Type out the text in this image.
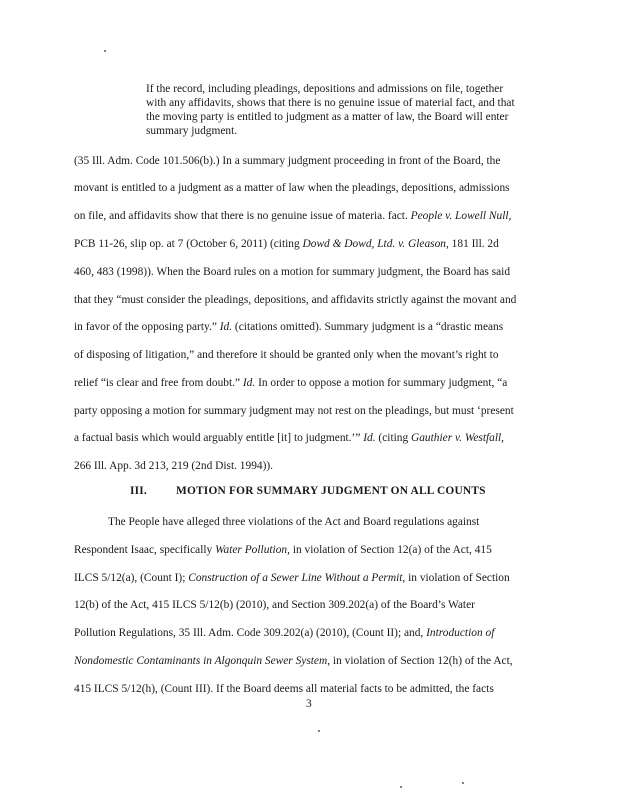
If the record, including pleadings, depositions and admissions on file, together
with any affidavits, shows that there is no genuine issue of material fact, and that
the moving party is entitled to judgment as a matter of law, the Board will enter
summary judgment.
(35 Ill. Adm. Code 101.506(b).) In a summary judgment proceeding in front of the Board, the
movant is entitled to a judgment as a matter of law when the pleadings, depositions, admissions
on file, and affidavits show that there is no genuine issue of materia. fact. People v. Lowell Null,
PCB 11-26, slip op. at 7 (October 6, 2011) (citing Dowd & Dowd, Ltd. v. Gleason, 181 Ill. 2d
460, 483 (1998)). When the Board rules on a motion for summary judgment, the Board has said
that they “must consider the pleadings, depositions, and affidavits strictly against the movant and
in favor of the opposing party.” Id. (citations omitted). Summary judgment is a “drastic means
of disposing of litigation,” and therefore it should be granted only when the movant’s right to
relief “is clear and free from doubt.” Id. In order to oppose a motion for summary judgment, “a
party opposing a motion for summary judgment may not rest on the pleadings, but must ‘present
a factual basis which would arguably entitle [it] to judgment.’” Id. (citing Gauthier v. Westfall,
266 Ill. App. 3d 213, 219 (2nd Dist. 1994)).
III.	MOTION FOR SUMMARY JUDGMENT ON ALL COUNTS
The People have alleged three violations of the Act and Board regulations against
Respondent Isaac, specifically Water Pollution, in violation of Section 12(a) of the Act, 415
ILCS 5/12(a), (Count I); Construction of a Sewer Line Without a Permit, in violation of Section
12(b) of the Act, 415 ILCS 5/12(b) (2010), and Section 309.202(a) of the Board’s Water
Pollution Regulations, 35 Ill. Adm. Code 309.202(a) (2010), (Count II); and, Introduction of
Nondomestic Contaminants in Algonquin Sewer System, in violation of Section 12(h) of the Act,
415 ILCS 5/12(h), (Count III). If the Board deems all material facts to be admitted, the facts
3
